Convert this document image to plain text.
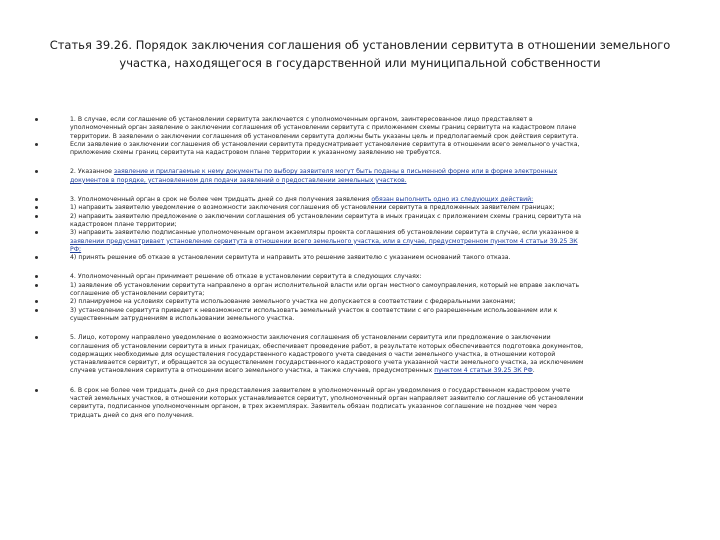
Статья 39.26. Порядок заключения соглашения об установлении сервитута в отношении земельного
участка, находящегося в государственной или муниципальной собственности
1. В случае, если соглашение об установлении сервитута заключается с уполномоченным органом, заинтересованное лицо представляет в
уполномоченный орган заявление о заключении соглашения об установлении сервитута с приложением схемы границ сервитута на кадастровом плане
территории. В заявлении о заключении соглашения об установлении сервитута должны быть указаны цель и предполагаемый срок действия сервитута.
Если заявление о заключении соглашения об установлении сервитута предусматривает установление сервитута в отношении всего земельного участка,
приложение схемы границ сервитута на кадастровом плане территории к указанному заявлению не требуется.
2. Указанное заявление и прилагаемые к нему документы по выбору заявителя могут быть поданы в письменной форме или в форме электронных
документов в порядке, установленном для подачи заявлений о предоставлении земельных участков.
3. Уполномоченный орган в срок не более чем тридцать дней со дня получения заявления обязан выполнить одно из следующих действий:
1) направить заявителю уведомление о возможности заключения соглашения об установлении сервитута в предложенных заявителем границах;
2) направить заявителю предложение о заключении соглашения об установлении сервитута в иных границах с приложением схемы границ сервитута на
кадастровом плане территории;
3) направить заявителю подписанные уполномоченным органом экземпляры проекта соглашения об установлении сервитута в случае, если указанное в
заявлении предусматривает установление сервитута в отношении всего земельного участка, или в случае, предусмотренном пунктом 4 статьи 39.25 ЗК
РФ;
4) принять решение об отказе в установлении сервитута и направить это решение заявителю с указанием оснований такого отказа.
4. Уполномоченный орган принимает решение об отказе в установлении сервитута в следующих случаях:
1) заявление об установлении сервитута направлено в орган исполнительной власти или орган местного самоуправления, который не вправе заключать
соглашение об установлении сервитута;
2) планируемое на условиях сервитута использование земельного участка не допускается в соответствии с федеральными законами;
3) установление сервитута приведет к невозможности использовать земельный участок в соответствии с его разрешенным использованием или к
существенным затруднениям в использовании земельного участка.
5. Лицо, которому направлено уведомление о возможности заключения соглашения об установлении сервитута или предложение о заключении
соглашения об установлении сервитута в иных границах, обеспечивает проведение работ, в результате которых обеспечивается подготовка документов,
содержащих необходимые для осуществления государственного кадастрового учета сведения о части земельного участка, в отношении которой
устанавливается сервитут, и обращается за осуществлением государственного кадастрового учета указанной части земельного участка, за исключением
случаев установления сервитута в отношении всего земельного участка, а также случаев, предусмотренных пунктом 4 статьи 39.25 ЗК РФ.
6. В срок не более чем тридцать дней со дня представления заявителем в уполномоченный орган уведомления о государственном кадастровом учете
частей земельных участков, в отношении которых устанавливается сервитут, уполномоченный орган направляет заявителю соглашение об установлении
сервитута, подписанное уполномоченным органом, в трех экземплярах. Заявитель обязан подписать указанное соглашение не позднее чем через
тридцать дней со дня его получения.
